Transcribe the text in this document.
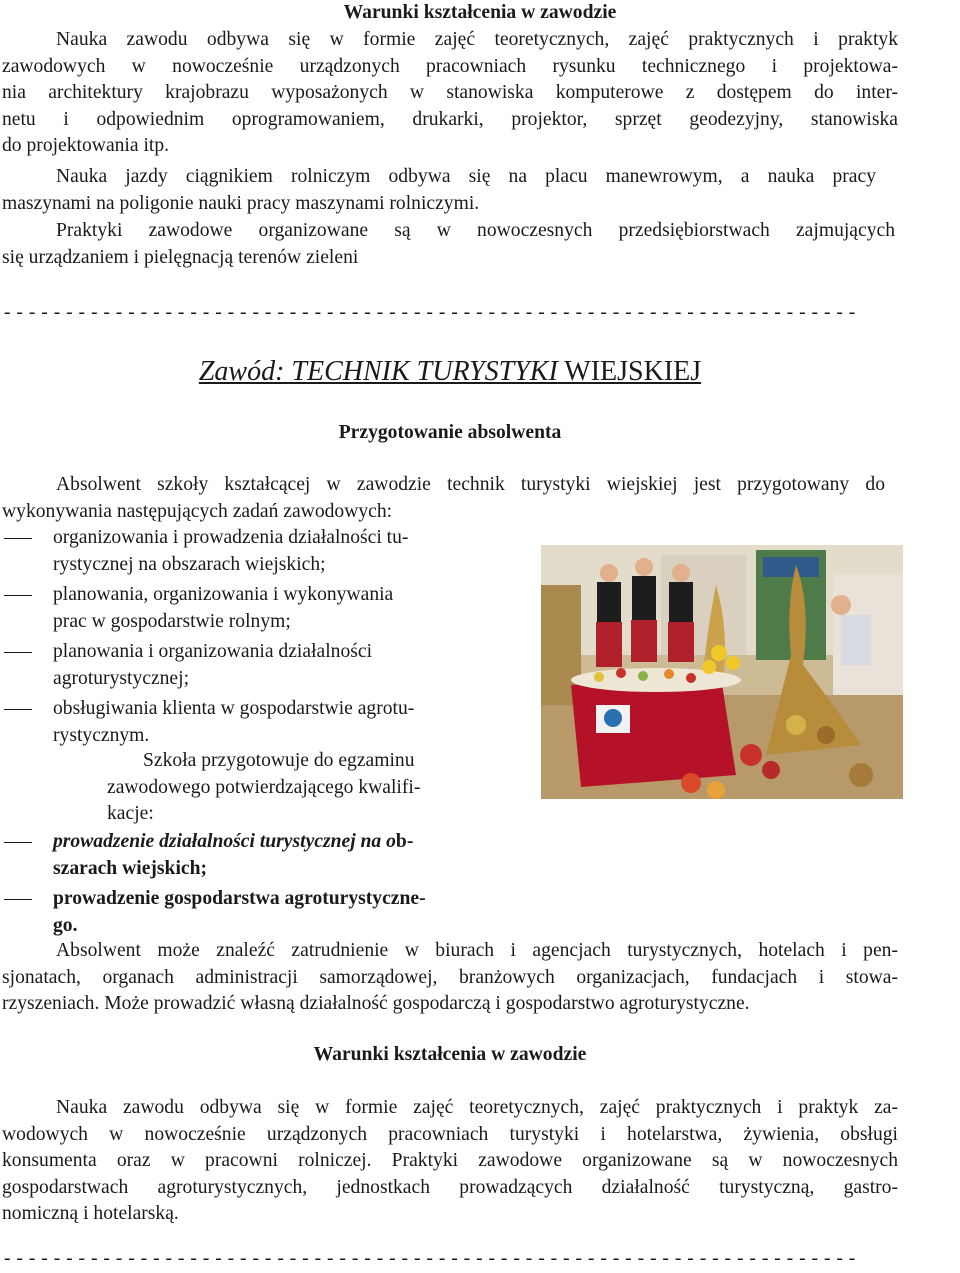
Warunki kształcenia w zawodzie
Nauka zawodu odbywa się w formie zajęć teoretycznych, zajęć praktycznych i praktyk
zawodowych w nowocześnie urządzonych pracowniach rysunku technicznego i projektowa-
nia architektury krajobrazu wyposażonych w stanowiska komputerowe z dostępem do inter-
netu i odpowiednim oprogramowaniem, drukarki, projektor, sprzęt geodezyjny, stanowiska
do projektowania itp.
Nauka jazdy ciągnikiem rolniczym odbywa się na placu manewrowym, a nauka pracy
maszynami na poligonie nauki pracy maszynami rolniczymi.
Praktyki zawodowe organizowane są w nowoczesnych przedsiębiorstwach zajmujących
się urządzaniem i pielęgnacją terenów zieleni
- - - - - - - - - - - - - - - - - - - - - - - - - - - - - - - - - - - - - - - - - - - - - - - - - - - - - - - - - - - - - - - - - - - - -
Zawód: TECHNIK TURYSTYKI WIEJSKIEJ
Przygotowanie absolwenta
Absolwent szkoły kształcącej w zawodzie technik turystyki wiejskiej jest przygotowany do
wykonywania następujących zadań zawodowych:
organizowania i prowadzenia działalności tu-
rystycznej na obszarach wiejskich;
planowania, organizowania i wykonywania
prac w gospodarstwie rolnym;
planowania i organizowania działalności
agroturystycznej;
obsługiwania klienta w gospodarstwie agrotu-
rystycznym.
Szkoła przygotowuje do egzaminu
zawodowego potwierdzającego kwalifi-
kacje:
prowadzenie działalności turystycznej na ob-
szarach wiejskich;
prowadzenie gospodarstwa agroturystyczne-
go.
Absolwent może znaleźć zatrudnienie w biurach i agencjach turystycznych, hotelach i pen-
sjonatach, organach administracji samorządowej, branżowych organizacjach, fundacjach i stowa-
rzyszeniach. Może prowadzić własną działalność gospodarczą i gospodarstwo agroturystyczne.
Warunki kształcenia w zawodzie
Nauka zawodu odbywa się w formie zajęć teoretycznych, zajęć praktycznych i praktyk za-
wodowych w nowocześnie urządzonych pracowniach turystyki i hotelarstwa, żywienia, obsługi
konsumenta oraz w pracowni rolniczej. Praktyki zawodowe organizowane są w nowoczesnych
gospodarstwach agroturystycznych, jednostkach prowadzących działalność turystyczną, gastro-
nomiczną i hotelarską.
- - - - - - - - - - - - - - - - - - - - - - - - - - - - - - - - - - - - - - - - - - - - - - - - - - - - - - - - - - - - - - - - - - - - -
